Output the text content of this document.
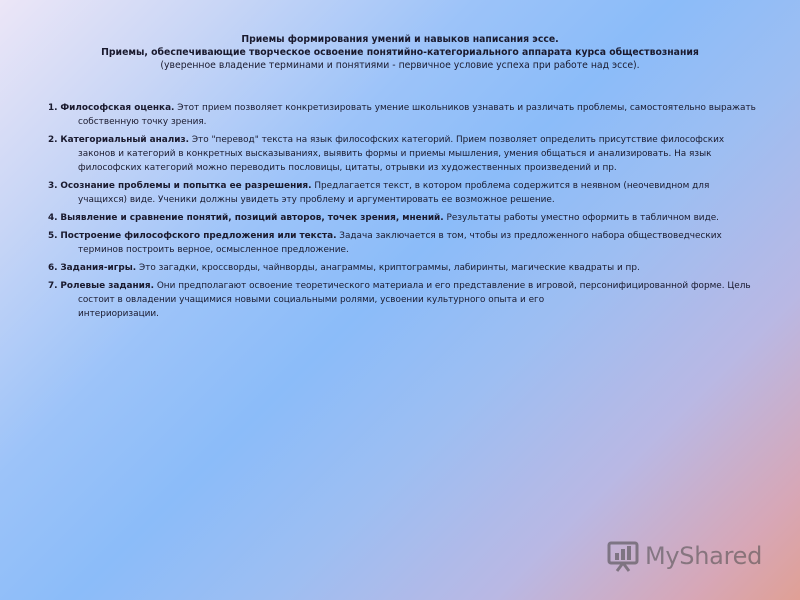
Приемы формирования умений и навыков написания эссе.
Приемы, обеспечивающие творческое освоение понятийно-категориального аппарата курса обществознания
(уверенное владение терминами и понятиями - первичное условие успеха при работе над эссе).
1. Философская оценка. Этот прием позволяет конкретизировать умение школьников узнавать и различать проблемы, самостоятельно выражать собственную точку зрения.
2. Категориальный анализ. Это "перевод" текста на язык философских категорий. Прием позволяет определить присутствие философских законов и категорий в конкретных высказываниях, выявить формы и приемы мышления, умения общаться и анализировать. На язык философских категорий можно переводить пословицы, цитаты, отрывки из художественных произведений и пр.
3. Осознание проблемы и попытка ее разрешения. Предлагается текст, в котором проблема содержится в неявном (неочевидном для учащихся) виде. Ученики должны увидеть эту проблему и аргументировать ее возможное решение.
4. Выявление и сравнение понятий, позиций авторов, точек зрения, мнений. Результаты работы уместно оформить в табличном виде.
5. Построение философского предложения или текста. Задача заключается в том, чтобы из предложенного набора обществоведческих терминов построить верное, осмысленное предложение.
6. Задания-игры. Это загадки, кроссворды, чайнворды, анаграммы, криптограммы, лабиринты, магические квадраты и пр.
7. Ролевые задания. Они предполагают освоение теоретического материала и его представление в игровой, персонифицированной форме. Цель состоит в овладении учащимися новыми социальными ролями, усвоении культурного опыта и его
интериоризации.
MyShared
